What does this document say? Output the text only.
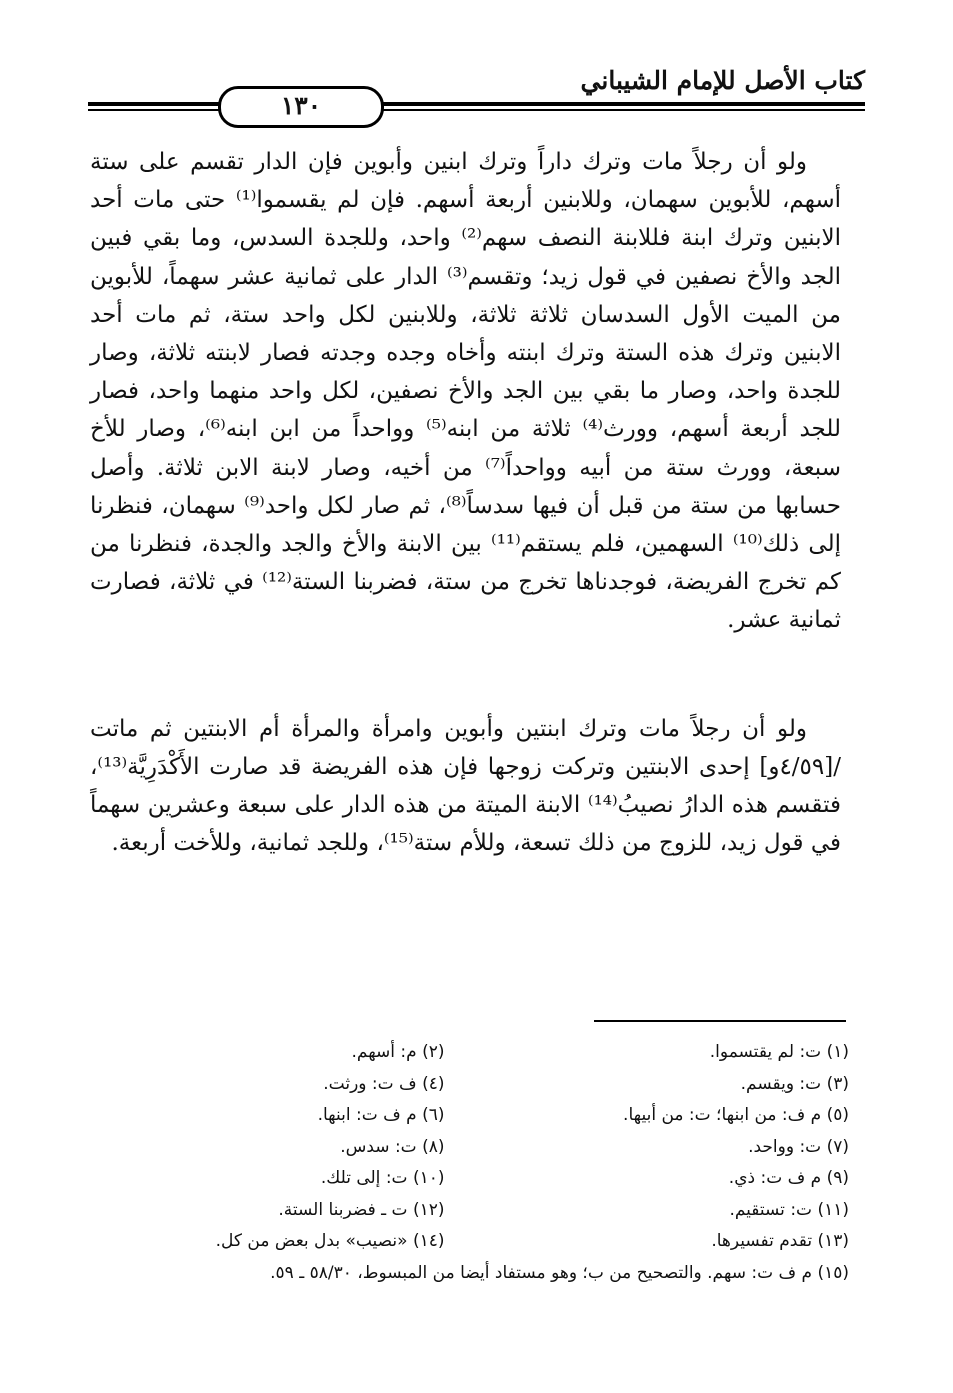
كتاب الأصل للإمام الشيباني
١٣٠

ولو أن رجلاً مات وترك داراً وترك ابنين وأبوين فإن الدار تقسم على ستة أسهم، للأبوين سهمان، وللابنين أربعة أسهم. فإن لم يقسموا⁽¹⁾ حتى مات أحد الابنين وترك ابنة فللابنة النصف سهم⁽²⁾ واحد، وللجدة السدس، وما بقي فبين الجد والأخ نصفين في قول زيد؛ وتقسم⁽³⁾ الدار على ثمانية عشر سهماً، للأبوين من الميت الأول السدسان ثلاثة ثلاثة، وللابنين لكل واحد ستة، ثم مات أحد الابنين وترك هذه الستة وترك ابنته وأخاه وجده وجدته فصار لابنته ثلاثة، وصار للجدة واحد، وصار ما بقي بين الجد والأخ نصفين، لكل واحد منهما واحد، فصار للجد أربعة أسهم، وورث⁽⁴⁾ ثلاثة من ابنه⁽⁵⁾ وواحداً من ابن ابنه⁽⁶⁾، وصار للأخ سبعة، وورث ستة من أبيه وواحداً⁽⁷⁾ من أخيه، وصار لابنة الابن ثلاثة. وأصل حسابها من ستة من قبل أن فيها سدساً⁽⁸⁾، ثم صار لكل واحد⁽⁹⁾ سهمان، فنظرنا إلى ذلك⁽¹⁰⁾ السهمين، فلم يستقم⁽¹¹⁾ بين الابنة والأخ والجد والجدة، فنظرنا من كم تخرج الفريضة، فوجدناها تخرج من ستة، فضربنا الستة⁽¹²⁾ في ثلاثة، فصارت ثمانية عشر.

ولو أن رجلاً مات وترك ابنتين وأبوين وامرأة والمرأة أم الابنتين ثم ماتت /[٤/٥٩و] إحدى الابنتين وتركت زوجها فإن هذه الفريضة قد صارت الأَكْدَرِيَّة⁽¹³⁾، فتقسم هذه الدارُ نصيبُ⁽¹⁴⁾ الابنة الميتة من هذه الدار على سبعة وعشرين سهماً في قول زيد، للزوج من ذلك تسعة، وللأم ستة⁽¹⁵⁾، وللجد ثمانية، وللأخت أربعة.

(١) ت: لم يقتسموا.
(٢) م: أسهم.
(٣) ت: ويقسم.
(٤) ف ت: ورثت.
(٥) م ف: من ابنها؛ ت: من أبيها.
(٦) م ف ت: ابنها.
(٧) ت: وواحد.
(٨) ت: سدس.
(٩) م ف ت: ذي.
(١٠) ت: إلى تلك.
(١١) ت: تستقيم.
(١٢) ت ـ فضربنا الستة.
(١٣) تقدم تفسيرها.
(١٤) «نصيب» بدل بعض من كل.
(١٥) م ف ت: سهم. والتصحيح من ب؛ وهو مستفاد أيضا من المبسوط، ٥٨/٣٠ ـ ٥٩.
